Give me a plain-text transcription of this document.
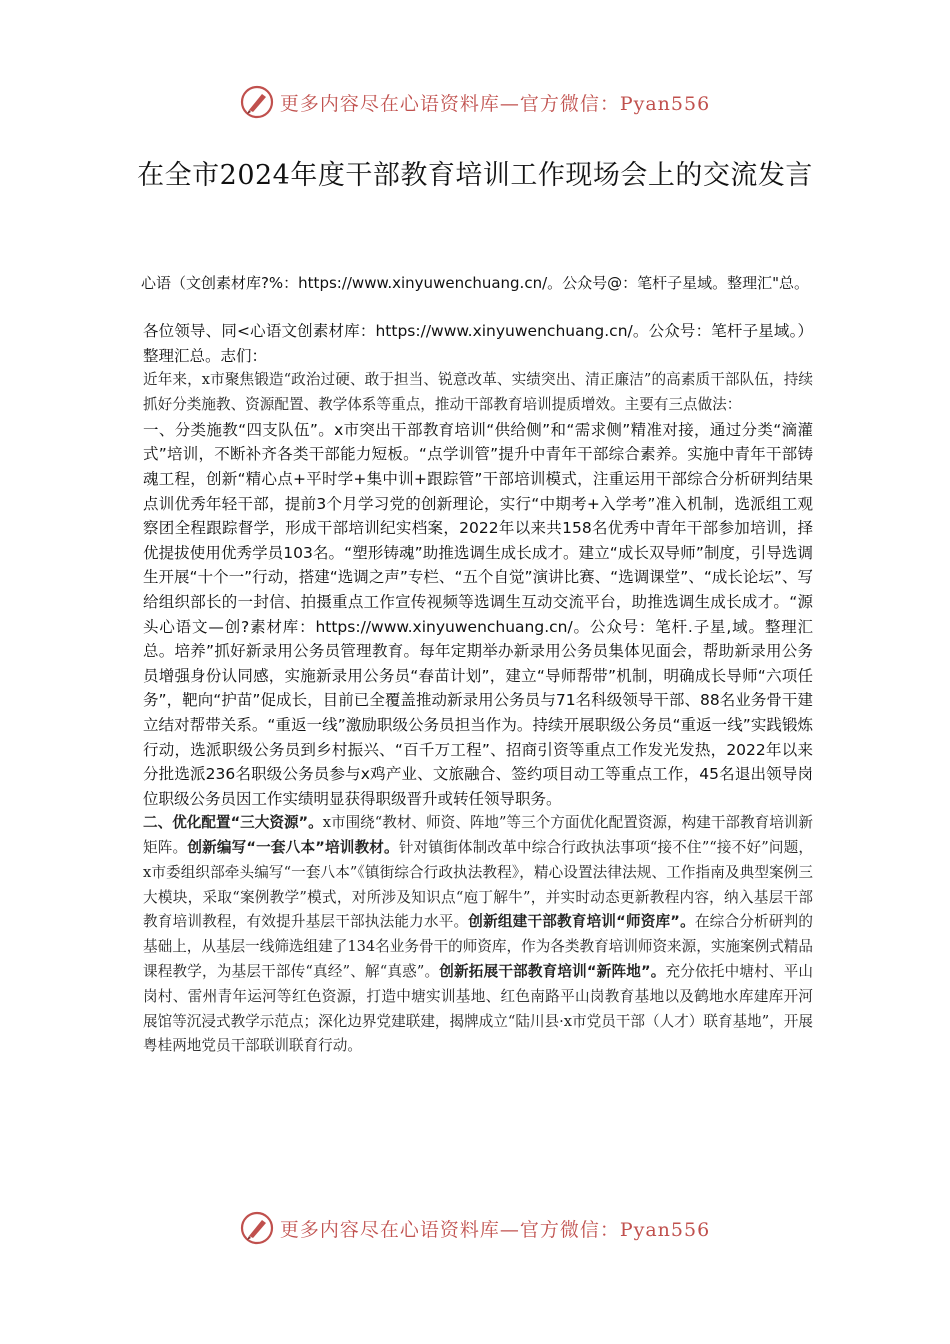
更多内容尽在心语资料库—官方微信：Pyan556
在全市2024年度干部教育培训工作现场会上的交流发言
心语（文创素材库?%：https://www.xinyuwenchuang.cn/。公众号@：笔杆子星域。整理汇"总。

各位领导、同<心语文创素材库：https://www.xinyuwenchuang.cn/。公众号：笔杆子星域。）整理汇总。志们：

近年来，x市聚焦锻造“政治过硬、敢于担当、锐意改革、实绩突出、清正廉洁”的高素质干部队伍，持续抓好分类施教、资源配置、教学体系等重点，推动干部教育培训提质增效。主要有三点做法：

一、分类施教“四支队伍”。x市突出干部教育培训“供给侧”和“需求侧”精准对接，通过分类“滴灌式”培训，不断补齐各类干部能力短板。“点学训管”提升中青年干部综合素养。实施中青年干部铸魂工程，创新“精心点+平时学+集中训+跟踪管”干部培训模式，注重运用干部综合分析研判结果点训优秀年轻干部，提前3个月学习党的创新理论，实行“中期考+入学考”准入机制，选派组工观察团全程跟踪督学，形成干部培训纪实档案，2022年以来共158名优秀中青年干部参加培训，择优提拔使用优秀学员103名。“塑形铸魂”助推选调生成长成才。建立“成长双导师”制度，引导选调生开展“十个一”行动，搭建“选调之声”专栏、“五个自觉”演讲比赛、“选调课堂”、“成长论坛”、写给组织部长的一封信、拍摄重点工作宣传视频等选调生互动交流平台，助推选调生成长成才。“源头心语文—创?素材库：https://www.xinyuwenchuang.cn/。公众号：笔杆.子星,域。整理汇总。培养”抓好新录用公务员管理教育。每年定期举办新录用公务员集体见面会，帮助新录用公务员增强身份认同感，实施新录用公务员“春苗计划”，建立“导师帮带”机制，明确成长导师“六项任务”，靶向“护苗”促成长，目前已全覆盖推动新录用公务员与71名科级领导干部、88名业务骨干建立结对帮带关系。“重返一线”激励职级公务员担当作为。持续开展职级公务员“重返一线”实践锻炼行动，选派职级公务员到乡村振兴、“百千万工程”、招商引资等重点工作发光发热，2022年以来分批选派236名职级公务员参与x鸡产业、文旅融合、签约项目动工等重点工作，45名退出领导岗位职级公务员因工作实绩明显获得职级晋升或转任领导职务。

二、优化配置“三大资源”。x市围绕“教材、师资、阵地”等三个方面优化配置资源，构建干部教育培训新矩阵。创新编写“一套八本”培训教材。针对镇街体制改革中综合行政执法事项“接不住”“接不好”问题，x市委组织部牵头编写“一套八本”《镇街综合行政执法教程》，精心设置法律法规、工作指南及典型案例三大模块，采取“案例教学”模式，对所涉及知识点“庖丁解牛”，并实时动态更新教程内容，纳入基层干部教育培训教程，有效提升基层干部执法能力水平。创新组建干部教育培训“师资库”。在综合分析研判的基础上，从基层一线筛选组建了134名业务骨干的师资库，作为各类教育培训师资来源，实施案例式精品课程教学，为基层干部传“真经”、解“真惑”。创新拓展干部教育培训“新阵地”。充分依托中塘村、平山岗村、雷州青年运河等红色资源，打造中塘实训基地、红色南路平山岗教育基地以及鹤地水库建库开河展馆等沉浸式教学示范点；深化边界党建联建，揭牌成立“陆川县·x市党员干部（人才）联育基地”，开展粤桂两地党员干部联训联育行动。

更多内容尽在心语资料库—官方微信：Pyan556
